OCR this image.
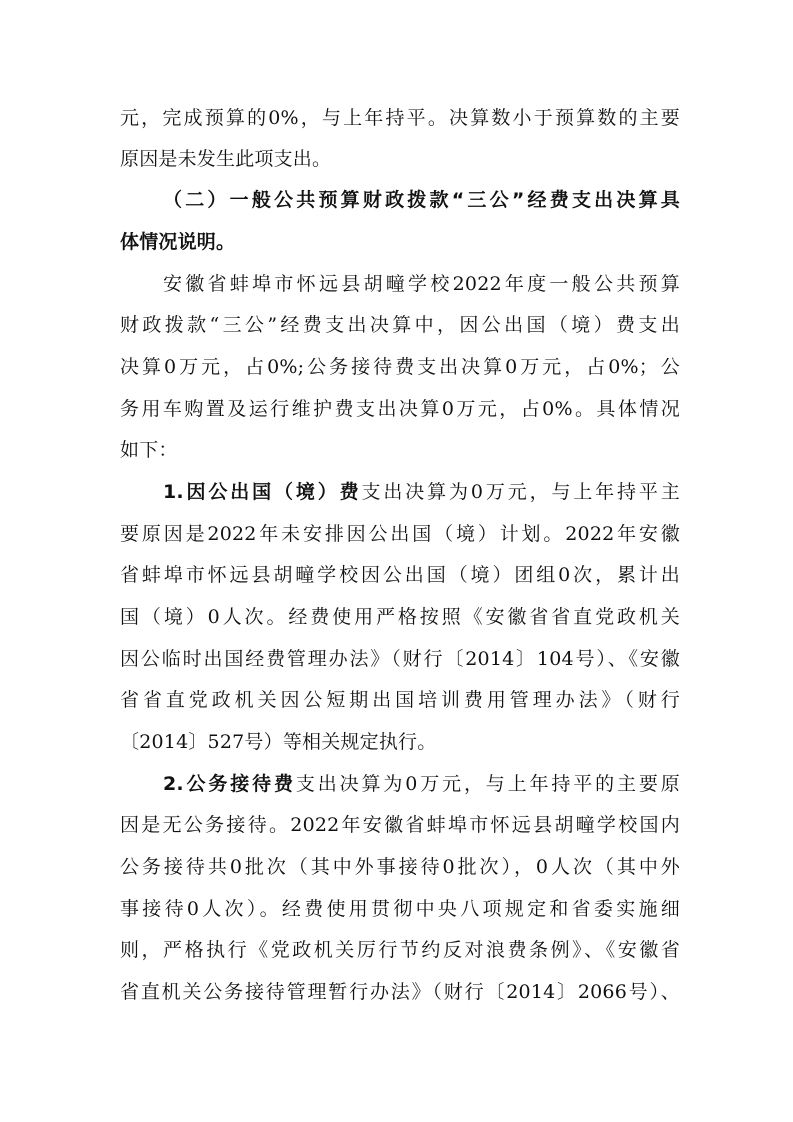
元，完成预算的0%，与上年持平。决算数小于预算数的主要
原因是未发生此项支出。
（二）一般公共预算财政拨款“三公”经费支出决算具
体情况说明。
安徽省蚌埠市怀远县胡疃学校2022年度一般公共预算
财政拨款“三公”经费支出决算中，因公出国（境）费支出
决算0万元，占0%;公务接待费支出决算0万元，占0%；公
务用车购置及运行维护费支出决算0万元，占0%。具体情况
如下：
1.因公出国（境）费支出决算为0万元，与上年持平主
要原因是2022年未安排因公出国（境）计划。2022年安徽
省蚌埠市怀远县胡疃学校因公出国（境）团组0次，累计出
国（境）0人次。经费使用严格按照《安徽省省直党政机关
因公临时出国经费管理办法》（财行〔2014〕104号）、《安徽
省省直党政机关因公短期出国培训费用管理办法》（财行
〔2014〕527号）等相关规定执行。
2.公务接待费支出决算为0万元，与上年持平的主要原
因是无公务接待。2022年安徽省蚌埠市怀远县胡疃学校国内
公务接待共0批次（其中外事接待0批次），0人次（其中外
事接待0人次）。经费使用贯彻中央八项规定和省委实施细
则，严格执行《党政机关厉行节约反对浪费条例》、《安徽省
省直机关公务接待管理暂行办法》（财行〔2014〕2066号）、
